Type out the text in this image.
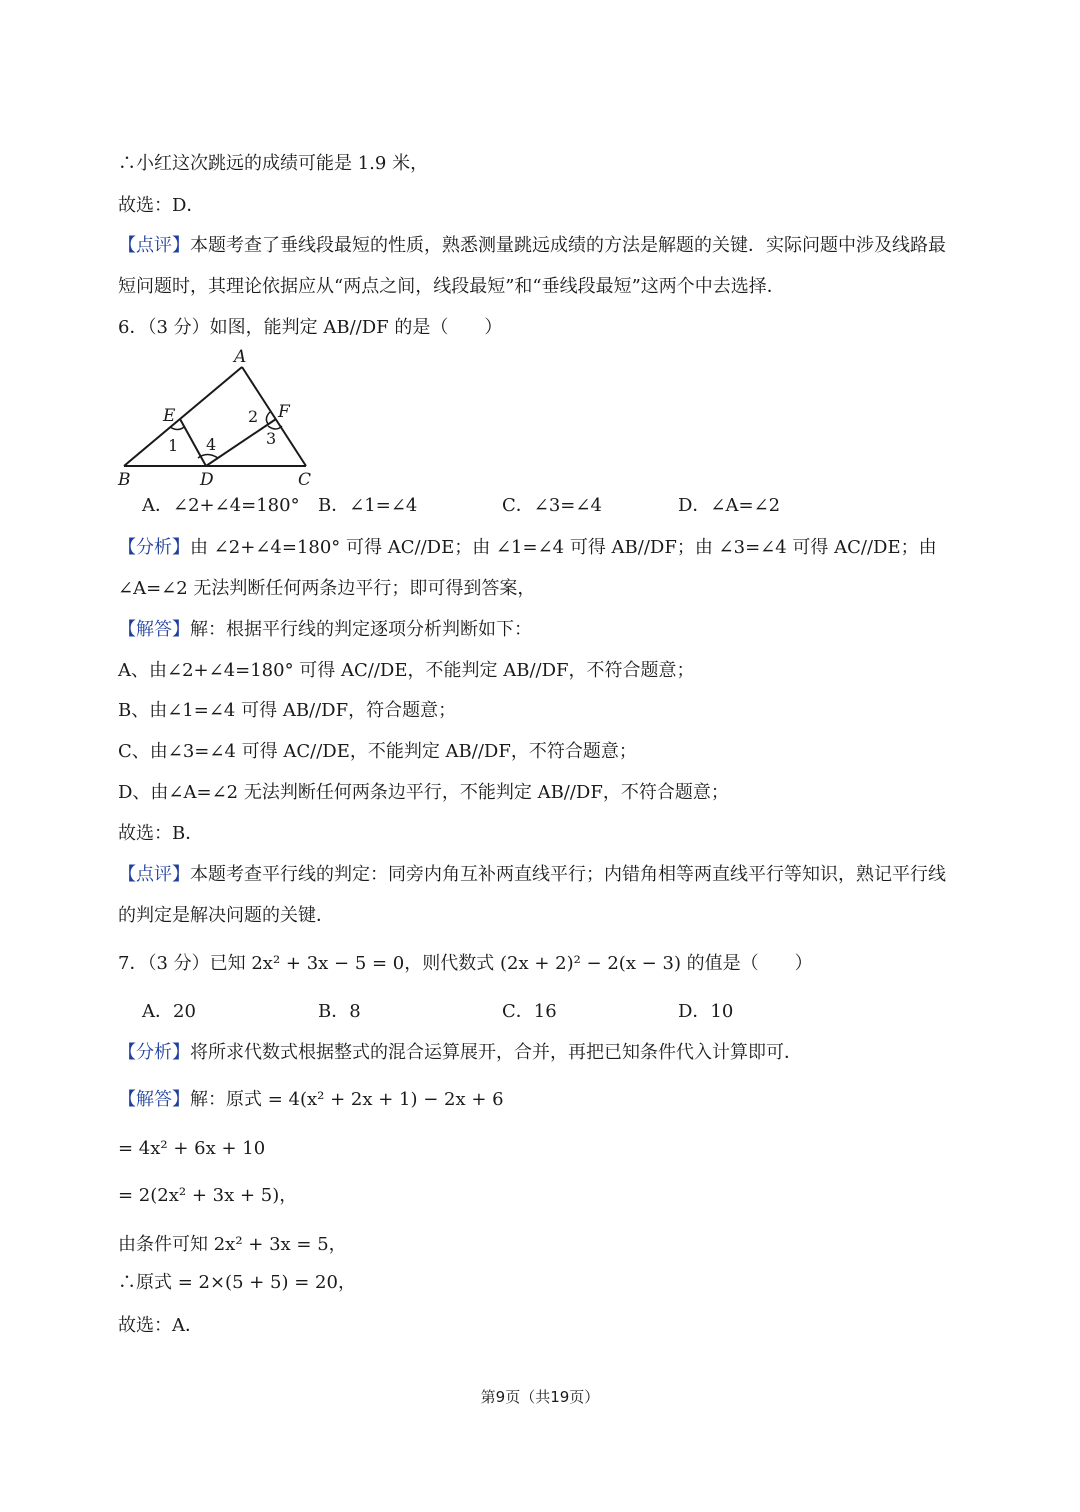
∴小红这次跳远的成绩可能是 1.9 米，
故选：D．
【点评】本题考查了垂线段最短的性质，熟悉测量跳远成绩的方法是解题的关键．实际问题中涉及线路最
短问题时，其理论依据应从“两点之间，线段最短”和“垂线段最短”这两个中去选择．
6．（3 分）如图，能判定 AB//DF 的是（　　）
A
B	C
D
E	F
1 4
2
3
A．∠2+∠4=180° B．∠1=∠4	C．∠3=∠4	D．∠A=∠2
【分析】由 ∠2+∠4=180° 可得 AC//DE；由 ∠1=∠4 可得 AB//DF；由 ∠3=∠4 可得 AC//DE；由
∠A=∠2 无法判断任何两条边平行；即可得到答案，
【解答】解：根据平行线的判定逐项分析判断如下：
A、由∠2+∠4=180° 可得 AC//DE，不能判定 AB//DF，不符合题意；
B、由∠1=∠4 可得 AB//DF，符合题意；
C、由∠3=∠4 可得 AC//DE，不能判定 AB//DF，不符合题意；
D、由∠A=∠2 无法判断任何两条边平行，不能判定 AB//DF，不符合题意；
故选：B．
【点评】本题考查平行线的判定：同旁内角互补两直线平行；内错角相等两直线平行等知识，熟记平行线
的判定是解决问题的关键．
7．（3 分）已知 2x² + 3x − 5 = 0，则代数式 (2x + 2)² − 2(x − 3) 的值是（　　）
A．20	B．8	C．16	D．10
【分析】将所求代数式根据整式的混合运算展开，合并，再把已知条件代入计算即可．
【解答】解：原式 = 4(x² + 2x + 1) − 2x + 6
= 4x² + 6x + 10
= 2(2x² + 3x + 5)，
由条件可知 2x² + 3x = 5，
∴原式 = 2×(5 + 5) = 20，
故选：A．
第9页（共19页）
